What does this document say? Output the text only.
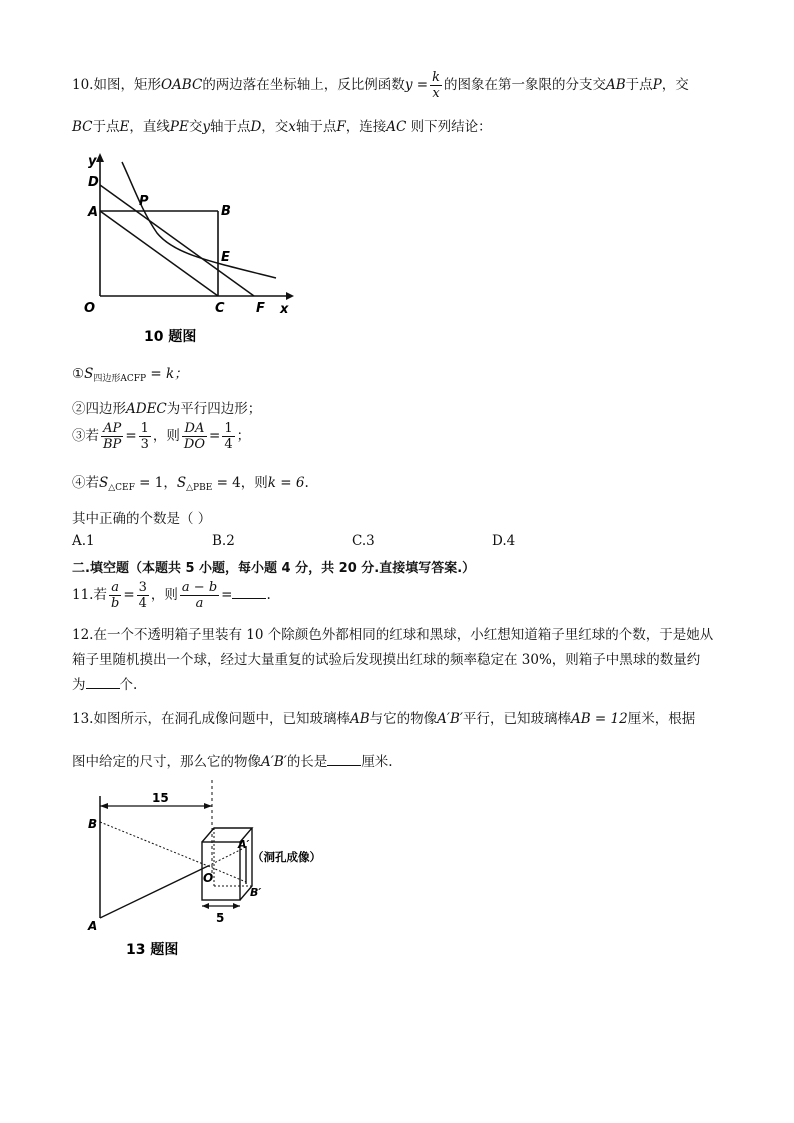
10.如图，矩形OABC的两边落在坐标轴上，反比例函数$y = \frac{k}{x}$ 的图象在第一象限的分支交AB于点P，交
BC于点E，直线PE交y轴于点D，交x轴于点F，连接AC 则下列结论：
y
D
A
P
B
E
O	C F x
10 题图
$①S_{四边形ACFP} = k$；
②四边形ADEC为平行四边形；
③若 $\frac{AP}{BP} = \frac{1}{3}$ ，则 $\frac{DA}{DO} = \frac{1}{4}$ ；
④若$S_{\triangle CEF} = 1$，$S_{\triangle PBE} = 4$，则k = 6.
其中正确的个数是（ ）
A.1	B.2	C.3	D.4
二.填空题（本题共 5 小题，每小题 4 分，共 20 分.直接填写答案.）
11.若 $\frac{a}{b} = \frac{3}{4}$ ，则 $\frac{a - b}{a}$ =	.
12.在一个不透明箱子里装有 10 个除颜色外都相同的红球和黑球，小红想知道箱子里红球的个数，于是她从
箱子里随机摸出一个球，经过大量重复的试验后发现摸出红球的频率稳定在 30%，则箱子中黑球的数量约
为	个.
13.如图所示，在洞孔成像问题中，已知玻璃棒AB与它的物像A′B′平行，已知玻璃棒AB = 12厘米，根据
图中给定的尺寸，那么它的物像A′B′的长是	厘米.
15
5
B
A
O
A′
B′
（洞孔成像）
13 题图
